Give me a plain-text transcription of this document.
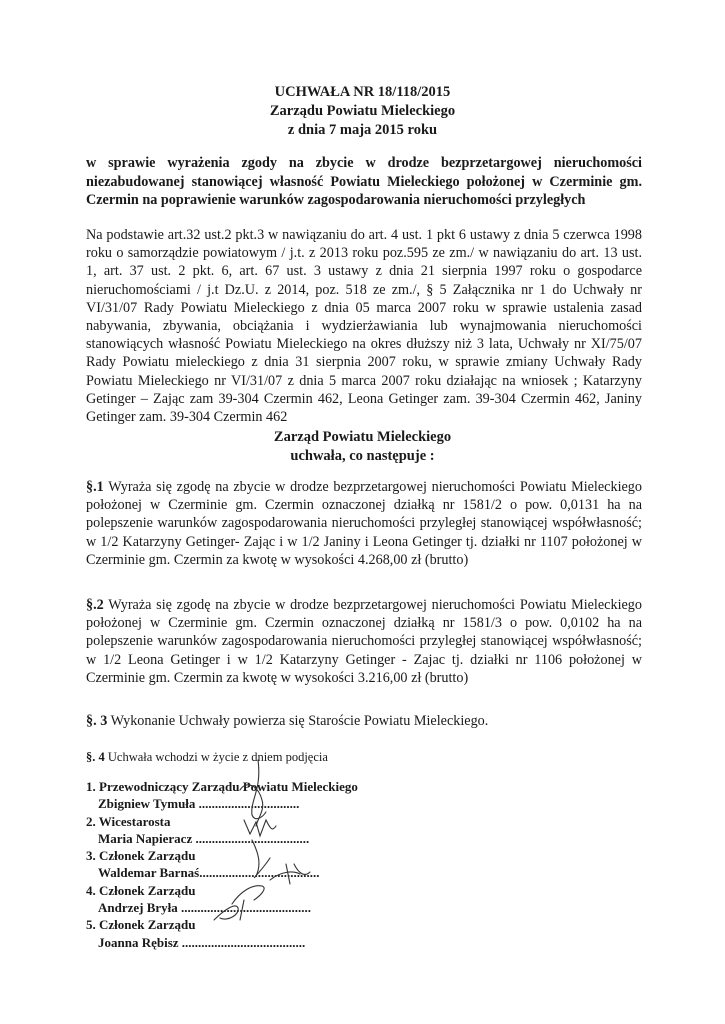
UCHWAŁA NR 18/118/2015
Zarządu Powiatu Mieleckiego
z dnia 7 maja 2015 roku
w sprawie wyrażenia zgody na zbycie w drodze bezprzetargowej nieruchomości niezabudowanej stanowiącej własność Powiatu Mieleckiego położonej w Czerminie gm. Czermin na poprawienie warunków zagospodarowania nieruchomości przyległych
Na podstawie art.32 ust.2 pkt.3 w nawiązaniu do art. 4 ust. 1 pkt 6 ustawy z dnia 5 czerwca 1998 roku o samorządzie powiatowym / j.t. z 2013 roku poz.595 ze zm./ w nawiązaniu do art. 13 ust. 1, art. 37 ust. 2 pkt. 6, art. 67 ust. 3 ustawy z dnia 21 sierpnia 1997 roku o gospodarce nieruchomościami / j.t Dz.U. z 2014, poz. 518 ze zm./, § 5 Załącznika nr 1 do Uchwały nr VI/31/07 Rady Powiatu Mieleckiego z dnia 05 marca 2007 roku w sprawie ustalenia zasad nabywania, zbywania, obciążania i wydzierżawiania lub wynajmowania nieruchomości stanowiących własność Powiatu Mieleckiego na okres dłuższy niż 3 lata, Uchwały nr XI/75/07 Rady Powiatu mieleckiego z dnia 31 sierpnia 2007 roku, w sprawie zmiany Uchwały Rady Powiatu Mieleckiego nr VI/31/07 z dnia 5 marca 2007 roku działając na wniosek ; Katarzyny Getinger – Zając zam 39-304 Czermin 462, Leona Getinger zam. 39-304 Czermin 462, Janiny Getinger zam. 39-304 Czermin 462
Zarząd Powiatu Mieleckiego
uchwała, co następuje :
§.1 Wyraża się zgodę na zbycie w drodze bezprzetargowej nieruchomości Powiatu Mieleckiego położonej w Czerminie gm. Czermin oznaczonej działką nr 1581/2 o pow. 0,0131 ha na polepszenie warunków zagospodarowania nieruchomości przyległej stanowiącej współwłasność; w 1/2 Katarzyny Getinger- Zając i w 1/2 Janiny i Leona Getinger tj. działki nr 1107 położonej w Czerminie gm. Czermin za kwotę w wysokości 4.268,00 zł (brutto)
§.2 Wyraża się zgodę na zbycie w drodze bezprzetargowej nieruchomości Powiatu Mieleckiego położonej w Czerminie gm. Czermin oznaczonej działką nr 1581/3 o pow. 0,0102 ha na polepszenie warunków zagospodarowania nieruchomości przyległej stanowiącej współwłasność; w 1/2 Leona Getinger i w 1/2 Katarzyny Getinger - Zajac tj. działki nr 1106 położonej w Czerminie gm. Czermin za kwotę w wysokości 3.216,00 zł (brutto)
§. 3 Wykonanie Uchwały powierza się Starościе Powiatu Mieleckiego.
§. 4 Uchwała wchodzi w życie z dniem podjęcia
1. Przewodniczący Zarządu Powiatu Mieleckiego
Zbigniew Tymuła ...............................
2. Wicestarosta
Maria Napieracz ...................................
3. Członek Zarządu
Waldemar Barnaś.....................................
4. Członek Zarządu
Andrzej Bryła ........................................
5. Członek Zarządu
Joanna Rębisz ......................................
